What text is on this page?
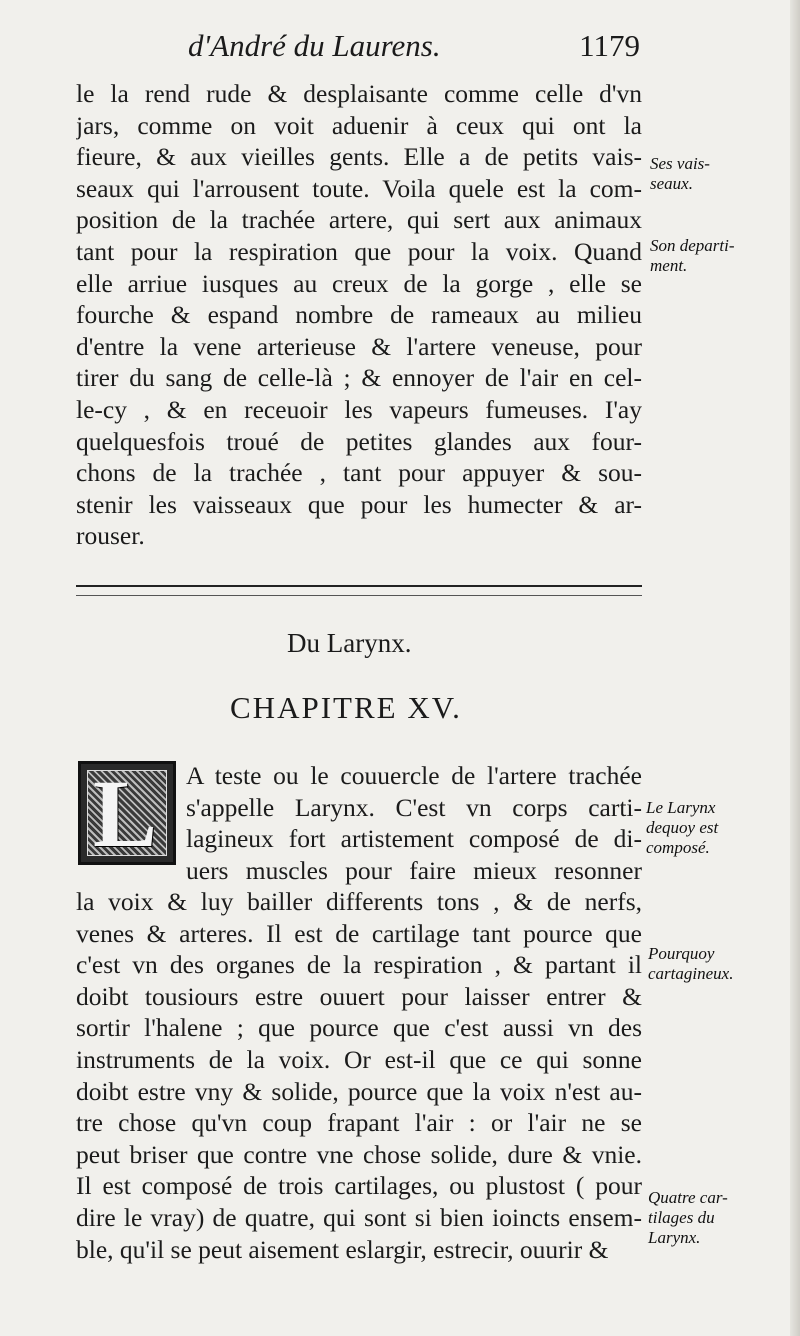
d'André du Laurens.	1179
le la rend rude & desplaisante comme celle d'vn
jars, comme on voit aduenir à ceux qui ont la
fieure, & aux vieilles gents. Elle a de petits vais-
seaux qui l'arrousent toute. Voila quele est la com-
position de la trachée artere, qui sert aux animaux
tant pour la respiration que pour la voix. Quand
elle arriue iusques au creux de la gorge , elle se
fourche & espand nombre de rameaux au milieu
d'entre la vene arterieuse & l'artere veneuse, pour
tirer du sang de celle-là ; & ennoyer de l'air en cel-
le-cy , & en receuoir les vapeurs fumeuses. I'ay
quelquesfois troué de petites glandes aux four-
chons de la trachée , tant pour appuyer & sou-
stenir les vaisseaux que pour les humecter & ar-
rouser.
Du Larynx.
CHAPITRE XV.
L A teste ou le couuercle de l'artere trachée
s'appelle Larynx. C'est vn corps carti-
lagineux fort artistement composé de di-
uers muscles pour faire mieux resonner
la voix & luy bailler differents tons , & de nerfs,
venes & arteres. Il est de cartilage tant pource que
c'est vn des organes de la respiration , & partant il
doibt tousiours estre ouuert pour laisser entrer &
sortir l'halene ; que pource que c'est aussi vn des
instruments de la voix. Or est-il que ce qui sonne
doibt estre vny & solide, pource que la voix n'est au-
tre chose qu'vn coup frapant l'air : or l'air ne se
peut briser que contre vne chose solide, dure & vnie.
Il est composé de trois cartilages, ou plustost ( pour
dire le vray) de quatre, qui sont si bien ioincts ensem-
ble, qu'il se peut aisement eslargir, estrecir, ouurir &
Ses vais-
seaux.
Son departi-
ment.
Le Larynx
dequoy est
composé.
Pourquoy
cartagineux.
Quatre car-
tilages du
Larynx.
